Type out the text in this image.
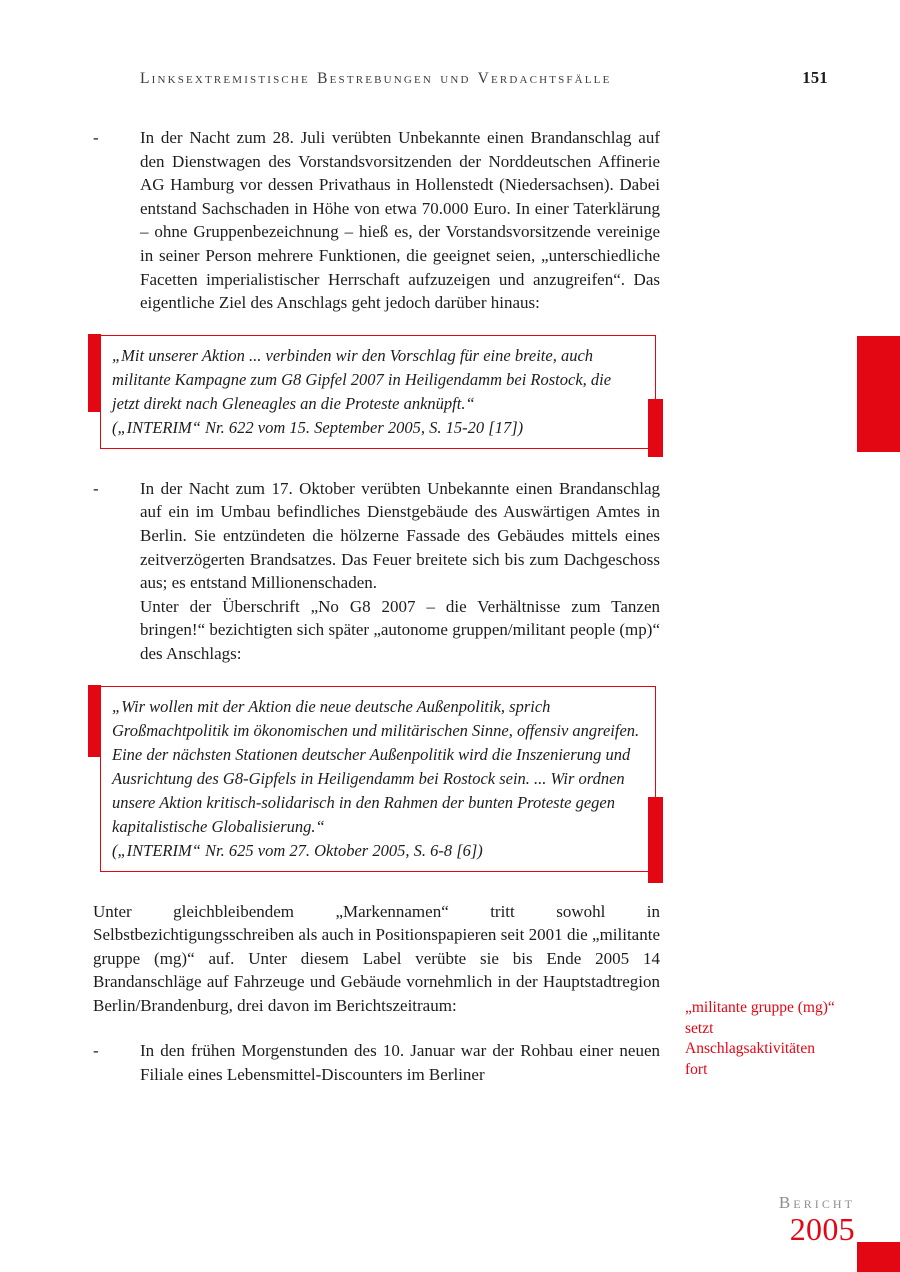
Linksextremistische Bestrebungen und Verdachtsfälle	151
-	In der Nacht zum 28. Juli verübten Unbekannte einen Brandanschlag auf den Dienstwagen des Vorstandsvorsitzenden der Norddeutschen Affinerie AG Hamburg vor dessen Privathaus in Hollenstedt (Niedersachsen). Dabei entstand Sachschaden in Höhe von etwa 70.000 Euro. In einer Taterklärung – ohne Gruppenbezeichnung – hieß es, der Vorstandsvorsitzende vereinige in seiner Person mehrere Funktionen, die geeignet seien, „unterschiedliche Facetten imperialistischer Herrschaft aufzuzeigen und anzugreifen“. Das eigentliche Ziel des Anschlags geht jedoch darüber hinaus:

„Mit unserer Aktion ... verbinden wir den Vorschlag für eine breite, auch militante Kampagne zum G8 Gipfel 2007 in Heiligendamm bei Rostock, die jetzt direkt nach Gleneagles an die Proteste anknüpft.“

(„INTERIM“ Nr. 622 vom 15. September 2005, S. 15-20 [17])

-	In der Nacht zum 17. Oktober verübten Unbekannte einen Brandanschlag auf ein im Umbau befindliches Dienstgebäude des Auswärtigen Amtes in Berlin. Sie entzündeten die hölzerne Fassade des Gebäudes mittels eines zeitverzögerten Brandsatzes. Das Feuer breitete sich bis zum Dachgeschoss aus; es entstand Millionenschaden.

Unter der Überschrift „No G8 2007 – die Verhältnisse zum Tanzen bringen!“ bezichtigten sich später „autonome gruppen/militant people (mp)“ des Anschlags:

„Wir wollen mit der Aktion die neue deutsche Außenpolitik, sprich Großmachtpolitik im ökonomischen und militärischen Sinne, offensiv angreifen. Eine der nächsten Stationen deutscher Außenpolitik wird die Inszenierung und Ausrichtung des G8-Gipfels in Heiligendamm bei Rostock sein. ... Wir ordnen unsere Aktion kritisch-solidarisch in den Rahmen der bunten Proteste gegen kapitalistische Globalisierung.“

(„INTERIM“ Nr. 625 vom 27. Oktober 2005, S. 6-8 [6])

Unter gleichbleibendem „Markennamen“ tritt sowohl in Selbstbezichtigungsschreiben als auch in Positionspapieren seit 2001 die „militante gruppe (mg)“ auf. Unter diesem Label verübte sie bis Ende 2005 14 Brandanschläge auf Fahrzeuge und Gebäude vornehmlich in der Hauptstadtregion Berlin/Brandenburg, drei davon im Berichtszeitraum:

-	In den frühen Morgenstunden des 10. Januar war der Rohbau einer neuen Filiale eines Lebensmittel-Discounters im Berliner

„militante gruppe (mg)“ setzt Anschlagsaktivitäten fort
Bericht
2005
